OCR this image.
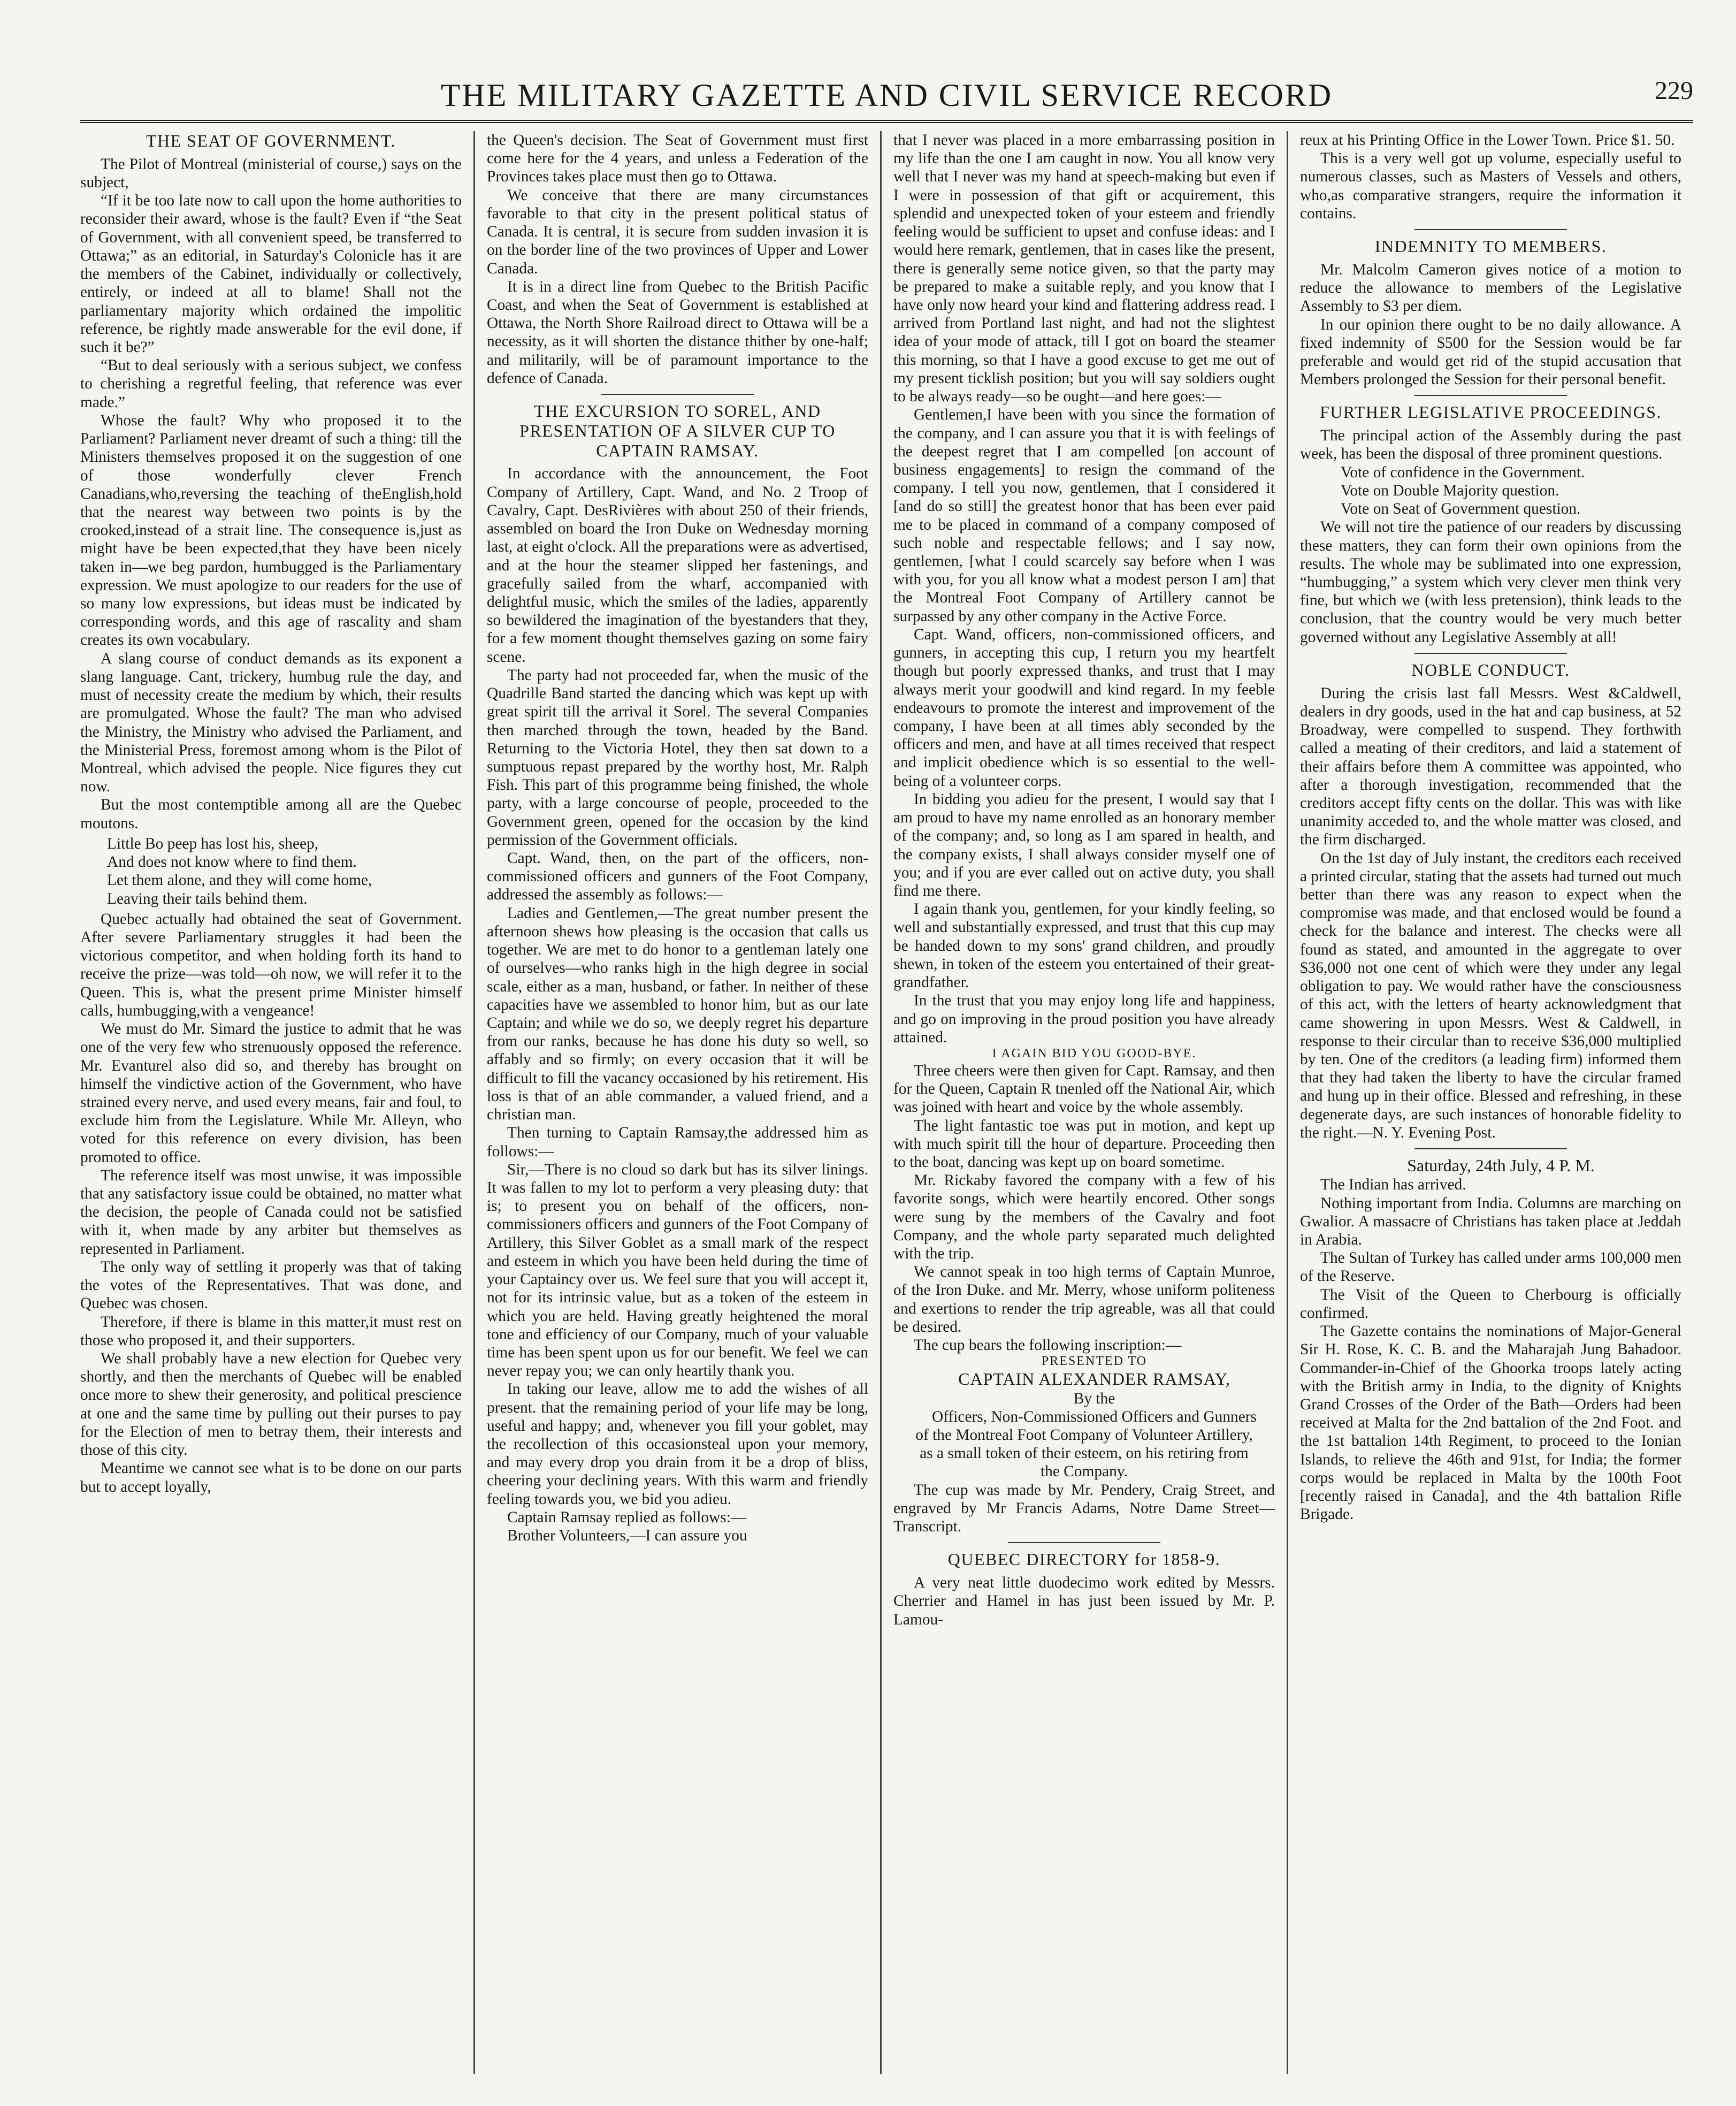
THE MILITARY GAZETTE AND CIVIL SERVICE RECORD	229
THE SEAT OF GOVERNMENT.

The Pilot of Montreal (ministerial of course,) says on the subject,

“If it be too late now to call upon the home authorities to reconsider their award, whose is the fault? Even if “the Seat of Government, with all convenient speed, be transferred to Ottawa;” as an editorial, in Saturday's Colonicle has it are the members of the Cabinet, individually or collectively, entirely, or indeed at all to blame! Shall not the parliamentary majority which ordained the impolitic reference, be rightly made answerable for the evil done, if such it be?”

“But to deal seriously with a serious subject, we confess to cherishing a regretful feeling, that reference was ever made.”

Whose the fault? Why who proposed it to the Parliament? Parliament never dreamt of such a thing: till the Ministers themselves proposed it on the suggestion of one of those wonderfully clever French Canadians,who,reversing the teaching of theEnglish,hold that the nearest way between two points is by the crooked,instead of a strait line. The consequence is,just as might have be been expected,that they have been nicely taken in—we beg pardon, humbugged is the Parliamentary expression. We must apologize to our readers for the use of so many low expressions, but ideas must be indicated by corresponding words, and this age of rascality and sham creates its own vocabulary.

A slang course of conduct demands as its exponent a slang language. Cant, trickery, humbug rule the day, and must of necessity create the medium by which, their results are promulgated. Whose the fault? The man who advised the Ministry, the Ministry who advised the Parliament, and the Ministerial Press, foremost among whom is the Pilot of Montreal, which advised the people. Nice figures they cut now.

But the most contemptible among all are the Quebec moutons.

Little Bo peep has lost his, sheep,
And does not know where to find them.
Let them alone, and they will come home,
Leaving their tails behind them.

Quebec actually had obtained the seat of Government. After severe Parliamentary struggles it had been the victorious competitor, and when holding forth its hand to receive the prize—was told—oh now, we will refer it to the Queen. This is, what the present prime Minister himself calls, humbugging,with a vengeance!

We must do Mr. Simard the justice to admit that he was one of the very few who strenuously opposed the reference. Mr. Evanturel also did so, and thereby has brought on himself the vindictive action of the Government, who have strained every nerve, and used every means, fair and foul, to exclude him from the Legislature. While Mr. Alleyn, who voted for this reference on every division, has been promoted to office.

The reference itself was most unwise, it was impossible that any satisfactory issue could be obtained, no matter what the decision, the people of Canada could not be satisfied with it, when made by any arbiter but themselves as represented in Parliament.

The only way of settling it properly was that of taking the votes of the Representatives. That was done, and Quebec was chosen.

Therefore, if there is blame in this matter,it must rest on those who proposed it, and their supporters.

We shall probably have a new election for Quebec very shortly, and then the merchants of Quebec will be enabled once more to shew their generosity, and political prescience at one and the same time by pulling out their purses to pay for the Election of men to betray them, their interests and those of this city.

Meantime we cannot see what is to be done on our parts but to accept loyally,

the Queen's decision. The Seat of Government must first come here for the 4 years, and unless a Federation of the Provinces takes place must then go to Ottawa.

We conceive that there are many circumstances favorable to that city in the present political status of Canada. It is central, it is secure from sudden invasion it is on the border line of the two provinces of Upper and Lower Canada.

It is in a direct line from Quebec to the British Pacific Coast, and when the Seat of Government is established at Ottawa, the North Shore Railroad direct to Ottawa will be a necessity, as it will shorten the distance thither by one-half; and militarily, will be of paramount importance to the defence of Canada.

THE EXCURSION TO SOREL, AND PRESENTATION OF A SILVER CUP TO CAPTAIN RAMSAY.

In accordance with the announcement, the Foot Company of Artillery, Capt. Wand, and No. 2 Troop of Cavalry, Capt. DesRivières with about 250 of their friends, assembled on board the Iron Duke on Wednesday morning last, at eight o'clock. All the preparations were as advertised, and at the hour the steamer slipped her fastenings, and gracefully sailed from the wharf, accompanied with delightful music, which the smiles of the ladies, apparently so bewildered the imagination of the byestanders that they, for a few moment thought themselves gazing on some fairy scene.

The party had not proceeded far, when the music of the Quadrille Band started the dancing which was kept up with great spirit till the arrival it Sorel. The several Companies then marched through the town, headed by the Band. Returning to the Victoria Hotel, they then sat down to a sumptuous repast prepared by the worthy host, Mr. Ralph Fish. This part of this programme being finished, the whole party, with a large concourse of people, proceeded to the Government green, opened for the occasion by the kind permission of the Government officials.

Capt. Wand, then, on the part of the officers, non-commissioned officers and gunners of the Foot Company, addressed the assembly as follows:—

Ladies and Gentlemen,—The great number present the afternoon shews how pleasing is the occasion that calls us together. We are met to do honor to a gentleman lately one of ourselves—who ranks high in the high degree in social scale, either as a man, husband, or father. In neither of these capacities have we assembled to honor him, but as our late Captain; and while we do so, we deeply regret his departure from our ranks, because he has done his duty so well, so affably and so firmly; on every occasion that it will be difficult to fill the vacancy occasioned by his retirement. His loss is that of an able commander, a valued friend, and a christian man.

Then turning to Captain Ramsay,the addressed him as follows:—

Sir,—There is no cloud so dark but has its silver linings. It was fallen to my lot to perform a very pleasing duty: that is; to present you on behalf of the officers, non-commissioners officers and gunners of the Foot Company of Artillery, this Silver Goblet as a small mark of the respect and esteem in which you have been held during the time of your Captaincy over us. We feel sure that you will accept it, not for its intrinsic value, but as a token of the esteem in which you are held. Having greatly heightened the moral tone and efficiency of our Company, much of your valuable time has been spent upon us for our benefit. We feel we can never repay you; we can only heartily thank you.

In taking our leave, allow me to add the wishes of all present. that the remaining period of your life may be long, useful and happy; and, whenever you fill your goblet, may the recollection of this occasionsteal upon your memory, and may every drop you drain from it be a drop of bliss, cheering your declining years. With this warm and friendly feeling towards you, we bid you adieu.

Captain Ramsay replied as follows:—

Brother Volunteers,—I can assure you

that I never was placed in a more embarrassing position in my life than the one I am caught in now. You all know very well that I never was my hand at speech-making but even if I were in possession of that gift or acquirement, this splendid and unexpected token of your esteem and friendly feeling would be sufficient to upset and confuse ideas: and I would here remark, gentlemen, that in cases like the present, there is generally seme notice given, so that the party may be prepared to make a suitable reply, and you know that I have only now heard your kind and flattering address read. I arrived from Portland last night, and had not the slightest idea of your mode of attack, till I got on board the steamer this morning, so that I have a good excuse to get me out of my present ticklish position; but you will say soldiers ought to be always ready—so be ought—and here goes:—

Gentlemen,I have been with you since the formation of the company, and I can assure you that it is with feelings of the deepest regret that I am compelled [on account of business engagements] to resign the command of the company. I tell you now, gentlemen, that I considered it [and do so still] the greatest honor that has been ever paid me to be placed in command of a company composed of such noble and respectable fellows; and I say now, gentlemen, [what I could scarcely say before when I was with you, for you all know what a modest person I am] that the Montreal Foot Company of Artillery cannot be surpassed by any other company in the Active Force.

Capt. Wand, officers, non-commissioned officers, and gunners, in accepting this cup, I return you my heartfelt though but poorly expressed thanks, and trust that I may always merit your goodwill and kind regard. In my feeble endeavours to promote the interest and improvement of the company, I have been at all times ably seconded by the officers and men, and have at all times received that respect and implicit obedience which is so essential to the well-being of a volunteer corps.

In bidding you adieu for the present, I would say that I am proud to have my name enrolled as an honorary member of the company; and, so long as I am spared in health, and the company exists, I shall always consider myself one of you; and if you are ever called out on active duty, you shall find me there.

I again thank you, gentlemen, for your kindly feeling, so well and substantially expressed, and trust that this cup may be handed down to my sons' grand children, and proudly shewn, in token of the esteem you entertained of their great-grandfather.

In the trust that you may enjoy long life and happiness, and go on improving in the proud position you have already attained.

I AGAIN BID YOU GOOD-BYE.

Three cheers were then given for Capt. Ramsay, and then for the Queen, Captain R tnenled off the National Air, which was joined with heart and voice by the whole assembly.

The light fantastic toe was put in motion, and kept up with much spirit till the hour of departure. Proceeding then to the boat, dancing was kept up on board sometime.

Mr. Rickaby favored the company with a few of his favorite songs, which were heartily encored. Other songs were sung by the members of the Cavalry and foot Company, and the whole party separated much delighted with the trip.

We cannot speak in too high terms of Captain Munroe, of the Iron Duke. and Mr. Merry, whose uniform politeness and exertions to render the trip agreable, was all that could be desired.

The cup bears the following inscription:—

PRESENTED TO

CAPTAIN ALEXANDER RAMSAY,

By the

Officers, Non-Commissioned Officers and Gunners of the Montreal Foot Company of Volunteer Artillery, as a small token of their esteem, on his retiring from the Company.

The cup was made by Mr. Pendery, Craig Street, and engraved by Mr Francis Adams, Notre Dame Street—Transcript.

QUEBEC DIRECTORY for 1858-9.

A very neat little duodecimo work edited by Messrs. Cherrier and Hamel in has just been issued by Mr. P. Lamou-

reux at his Printing Office in the Lower Town. Price $1. 50.

This is a very well got up volume, especially useful to numerous classes, such as Masters of Vessels and others, who,as comparative strangers, require the information it contains.

INDEMNITY TO MEMBERS.

Mr. Malcolm Cameron gives notice of a motion to reduce the allowance to members of the Legislative Assembly to $3 per diem.

In our opinion there ought to be no daily allowance. A fixed indemnity of $500 for the Session would be far preferable and would get rid of the stupid accusation that Members prolonged the Session for their personal benefit.

FURTHER LEGISLATIVE PROCEEDINGS.

The principal action of the Assembly during the past week, has been the disposal of three prominent questions.

Vote of confidence in the Government.

Vote on Double Majority question.

Vote on Seat of Government question.

We will not tire the patience of our readers by discussing these matters, they can form their own opinions from the results. The whole may be sublimated into one expression, “humbugging,” a system which very clever men think very fine, but which we (with less pretension), think leads to the conclusion, that the country would be very much better governed without any Legislative Assembly at all!

NOBLE CONDUCT.

During the crisis last fall Messrs. West &Caldwell, dealers in dry goods, used in the hat and cap business, at 52 Broadway, were compelled to suspend. They forthwith called a meating of their creditors, and laid a statement of their affairs before them A committee was appointed, who after a thorough investigation, recommended that the creditors accept fifty cents on the dollar. This was with like unanimity acceded to, and the whole matter was closed, and the firm discharged.

On the 1st day of July instant, the creditors each received a printed circular, stating that the assets had turned out much better than there was any reason to expect when the compromise was made, and that enclosed would be found a check for the balance and interest. The checks were all found as stated, and amounted in the aggregate to over $36,000 not one cent of which were they under any legal obligation to pay. We would rather have the consciousness of this act, with the letters of hearty acknowledgment that came showering in upon Messrs. West & Caldwell, in response to their circular than to receive $36,000 multiplied by ten. One of the creditors (a leading firm) informed them that they had taken the liberty to have the circular framed and hung up in their office. Blessed and refreshing, in these degenerate days, are such instances of honorable fidelity to the right.—N. Y. Evening Post.

Saturday, 24th July, 4 P. M.

The Indian has arrived.

Nothing important from India. Columns are marching on Gwalior. A massacre of Christians has taken place at Jeddah in Arabia.

The Sultan of Turkey has called under arms 100,000 men of the Reserve.

The Visit of the Queen to Cherbourg is officially confirmed.

The Gazette contains the nominations of Major-General Sir H. Rose, K. C. B. and the Maharajah Jung Bahadoor. Commander-in-Chief of the Ghoorka troops lately acting with the British army in India, to the dignity of Knights Grand Crosses of the Order of the Bath—Orders had been received at Malta for the 2nd battalion of the 2nd Foot. and the 1st battalion 14th Regiment, to proceed to the Ionian Islands, to relieve the 46th and 91st, for India; the former corps would be replaced in Malta by the 100th Foot [recently raised in Canada], and the 4th battalion Rifle Brigade.
